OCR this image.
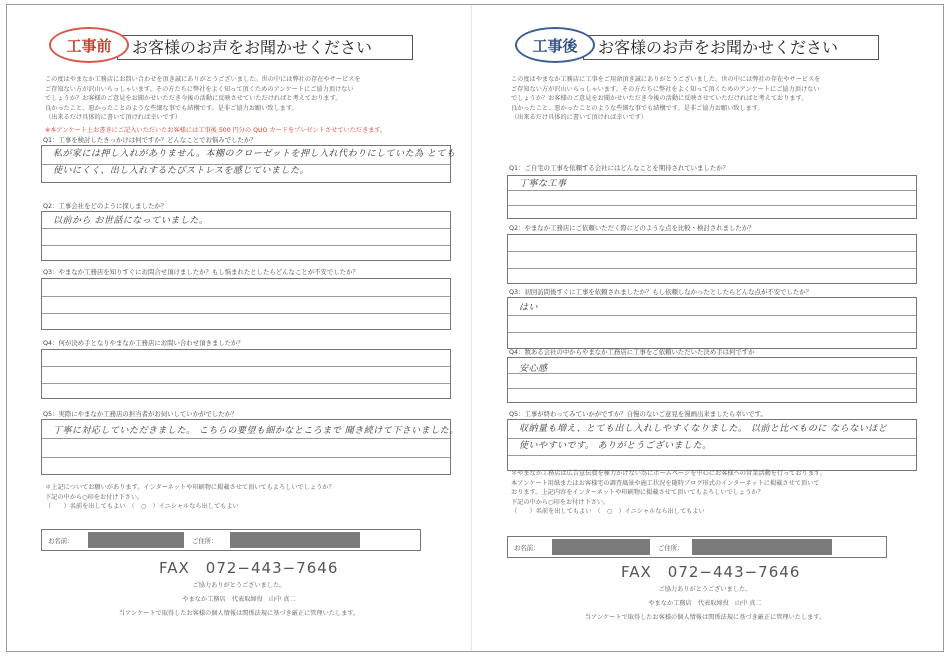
工事前	お客様のお声をお聞かせください
この度はやまなか工務店にお問い合わせを頂き誠にありがとうございました。世の中には弊社の存在やサービスを
ご存知ない方が沢山いらっしゃいます。その方たちに弊社をよく知って頂くためのアンケートにご協力頂けない
でしょうか？お客様のご意見をお聞かせいただき今後の活動に反映させていただければと考えております。
良かったこと、悪かったことのような些細な事でも結構です。是非ご協力お願い致します。
（出来るだけ具体的に書いて頂ければ幸いです）
※本アンケート上お書きにご記入いただいたお客様には工事後 500 円分の QUO カードをプレゼントさせていただきます。
Q1：工事を検討したきっかけは何ですか？どんなことでお悩みでしたか？
私が家には押し入れがありません。本棚のクローゼットを押し入れ代わりにしていた為 とても
使いにくく、出し入れするたびストレスを感じていました。
Q2：工事会社をどのように探しましたか？
以前から お世話になっていました。
Q3：やまなか工務店を知りすぐにお問合せ頂けましたか？もし悩まれたとしたらどんなことが不安でしたか？
Q4：何が決め手となりやまなか工務店にお問い合わせ頂きましたか？
Q5：実際にやまなか工務店の担当者がお伺いしていかがでしたか？
丁寧に対応していただきました。 こちらの要望も細かなところまで 聞き続けて下さいました。
＊上記についてお願いがあります。インターネットや印刷物に掲載させて頂いてもよろしいでしょうか？
下記の中から○印をお付け下さい。
（　　）名前を出してもよい　（　○　）イニシャルなら出してもよい
お名前：	ご住所：
FAX　072−443−7646
ご協力ありがとうございました。
やまなか工務店　代表取締役　山中 真二
当アンケートで取得したお客様の個人情報は関係法規に基づき厳正に管理いたします。
工事後	お客様のお声をお聞かせください
この度はやまなか工務店に工事をご用命頂き誠にありがとうございました。世の中には弊社の存在やサービスを
ご存知ない方が沢山いらっしゃいます。その方たちに弊社をよく知って頂くためのアンケートにご協力頂けない
でしょうか？お客様のご意見をお聞かせいただき今後の活動に反映させていただければと考えております。
良かったこと、悪かったことのような些細な事でも結構です。是非ご協力お願い致します。
（出来るだけ具体的に書いて頂ければ幸いです）
Q1：ご自宅の工事を依頼する会社にはどんなことを期待されていましたか？
丁寧な工事
Q2：やまなか工務店にご依頼いただく際にどのような点を比較・検討されましたか？
Q3：初回訪問後すぐに工事を依頼されましたか？もし依頼しなかったとしたらどんな点が不安でしたか？
はい
Q4：数ある会社の中からやまなか工務店に工事をご依頼いただいた決め手は何ですか
安心感
Q5：工事が終わってみていかがですか？自慢のないご意見を漫画出来ましたら幸いです。
収納量も増え、とても出し入れしやすくなりました。 以前と比べものに ならないほど
使いやすいです。 ありがとうございました。
＊やまなか工務店は広告宣伝費を極力かけない為にホームページを中心にお客様への営業活動を行っております。
本アンケート用紙またはお客様宅の調査風景や施工状況を随時ブログ形式のインターネットに掲載させて頂いて
おります。上記内容をインターネットや印刷物に掲載させて頂いてもよろしいでしょうか？
下記の中から○印をお付け下さい。
（　　）名前を出してもよい　（　○　）イニシャルなら出してもよい
お名前：	ご住所：
FAX　072−443−7646
ご協力ありがとうございました。
やまなか工務店　代表取締役　山中 真二
当アンケートで取得したお客様の個人情報は関係法規に基づき厳正に管理いたします。
